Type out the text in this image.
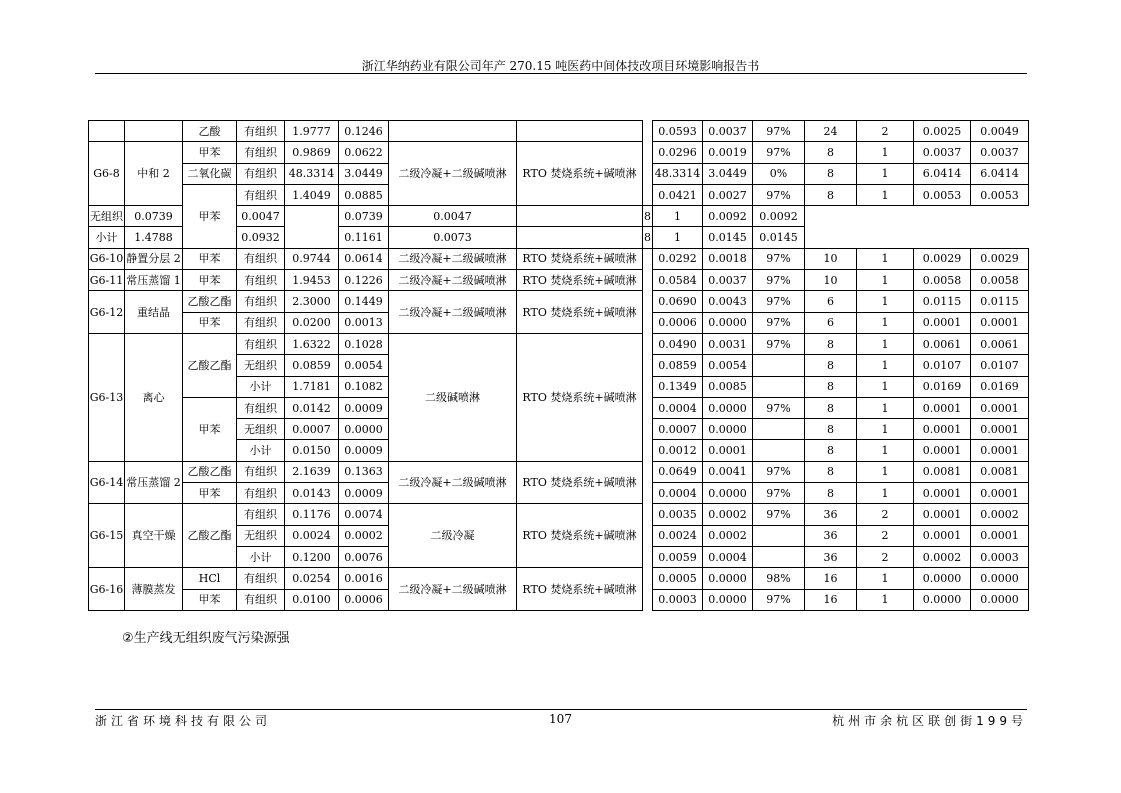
浙江华纳药业有限公司年产 270.15 吨医药中间体技改项目环境影响报告书
		乙酸	有组织	1.9777	0.1246				0.0593	0.0037	97%	24	2	0.0025	0.0049
G6-8	中和 2	甲苯	有组织	0.9869	0.0622	二级冷凝+二级碱喷淋	RTO 焚烧系统+碱喷淋		0.0296	0.0019	97%	8	1	0.0037	0.0037
		二氧化碳	有组织	48.3314	3.0449				48.3314	3.0449	0%	8	1	6.0414	6.0414
		甲苯	有组织	1.4049	0.0885				0.0421	0.0027	97%	8	1	0.0053	0.0053
无组织	0.0739		0.0047		0.0739	0.0047		8	1	0.0092	0.0092				
小计	1.4788		0.0932		0.1161	0.0073		8	1	0.0145	0.0145				
G6-10	静置分层 2	甲苯	有组织	0.9744	0.0614	二级冷凝+二级碱喷淋	RTO 焚烧系统+碱喷淋		0.0292	0.0018	97%	10	1	0.0029	0.0029
G6-11	常压蒸馏 1	甲苯	有组织	1.9453	0.1226	二级冷凝+二级碱喷淋	RTO 焚烧系统+碱喷淋		0.0584	0.0037	97%	10	1	0.0058	0.0058
G6-12	重结晶	乙酸乙酯	有组织	2.3000	0.1449	二级冷凝+二级碱喷淋	RTO 焚烧系统+碱喷淋		0.0690	0.0043	97%	6	1	0.0115	0.0115
		甲苯	有组织	0.0200	0.0013				0.0006	0.0000	97%	6	1	0.0001	0.0001
G6-13	离心	乙酸乙酯	有组织	1.6322	0.1028	二级碱喷淋	RTO 焚烧系统+碱喷淋		0.0490	0.0031	97%	8	1	0.0061	0.0061
			无组织	0.0859	0.0054				0.0859	0.0054		8	1	0.0107	0.0107
			小计	1.7181	0.1082				0.1349	0.0085		8	1	0.0169	0.0169
		甲苯	有组织	0.0142	0.0009				0.0004	0.0000	97%	8	1	0.0001	0.0001
			无组织	0.0007	0.0000				0.0007	0.0000		8	1	0.0001	0.0001
			小计	0.0150	0.0009				0.0012	0.0001		8	1	0.0001	0.0001
G6-14	常压蒸馏 2	乙酸乙酯	有组织	2.1639	0.1363	二级冷凝+二级碱喷淋	RTO 焚烧系统+碱喷淋		0.0649	0.0041	97%	8	1	0.0081	0.0081
		甲苯	有组织	0.0143	0.0009				0.0004	0.0000	97%	8	1	0.0001	0.0001
G6-15	真空干燥	乙酸乙酯	有组织	0.1176	0.0074	二级冷凝	RTO 焚烧系统+碱喷淋		0.0035	0.0002	97%	36	2	0.0001	0.0002
			无组织	0.0024	0.0002				0.0024	0.0002		36	2	0.0001	0.0001
			小计	0.1200	0.0076				0.0059	0.0004		36	2	0.0002	0.0003
G6-16	薄膜蒸发	HCl	有组织	0.0254	0.0016	二级冷凝+二级碱喷淋	RTO 焚烧系统+碱喷淋		0.0005	0.0000	98%	16	1	0.0000	0.0000
		甲苯	有组织	0.0100	0.0006				0.0003	0.0000	97%	16	1	0.0000	0.0000
②生产线无组织废气污染源强
浙江省环境科技有限公司	107	杭州市余杭区联创街199号
